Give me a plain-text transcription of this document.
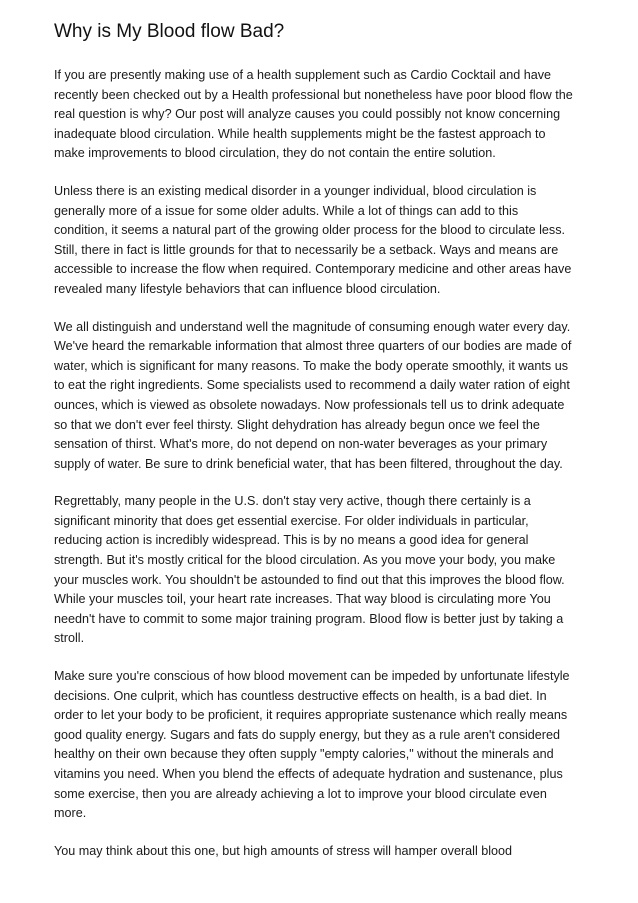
Why is My Blood flow Bad?

If you are presently making use of a health supplement such as Cardio Cocktail and have
recently been checked out by a Health professional but nonetheless have poor blood flow the
real question is why? Our post will analyze causes you could possibly not know concerning
inadequate blood circulation. While health supplements might be the fastest approach to
make improvements to blood circulation, they do not contain the entire solution.

Unless there is an existing medical disorder in a younger individual, blood circulation is
generally more of a issue for some older adults. While a lot of things can add to this
condition, it seems a natural part of the growing older process for the blood to circulate less.
Still, there in fact is little grounds for that to necessarily be a setback. Ways and means are
accessible to increase the flow when required. Contemporary medicine and other areas have
revealed many lifestyle behaviors that can influence blood circulation.

We all distinguish and understand well the magnitude of consuming enough water every day.
We've heard the remarkable information that almost three quarters of our bodies are made of
water, which is significant for many reasons. To make the body operate smoothly, it wants us
to eat the right ingredients. Some specialists used to recommend a daily water ration of eight
ounces, which is viewed as obsolete nowadays. Now professionals tell us to drink adequate
so that we don't ever feel thirsty. Slight dehydration has already begun once we feel the
sensation of thirst. What's more, do not depend on non-water beverages as your primary
supply of water. Be sure to drink beneficial water, that has been filtered, throughout the day.

Regrettably, many people in the U.S. don't stay very active, though there certainly is a
significant minority that does get essential exercise. For older individuals in particular,
reducing action is incredibly widespread. This is by no means a good idea for general
strength. But it's mostly critical for the blood circulation. As you move your body, you make
your muscles work. You shouldn't be astounded to find out that this improves the blood flow.
While your muscles toil, your heart rate increases. That way blood is circulating more You
needn't have to commit to some major training program. Blood flow is better just by taking a
stroll.

Make sure you're conscious of how blood movement can be impeded by unfortunate lifestyle
decisions. One culprit, which has countless destructive effects on health, is a bad diet. In
order to let your body to be proficient, it requires appropriate sustenance which really means
good quality energy. Sugars and fats do supply energy, but they as a rule aren't considered
healthy on their own because they often supply "empty calories," without the minerals and
vitamins you need. When you blend the effects of adequate hydration and sustenance, plus
some exercise, then you are already achieving a lot to improve your blood circulate even
more.

You may think about this one, but high amounts of stress will hamper overall blood
